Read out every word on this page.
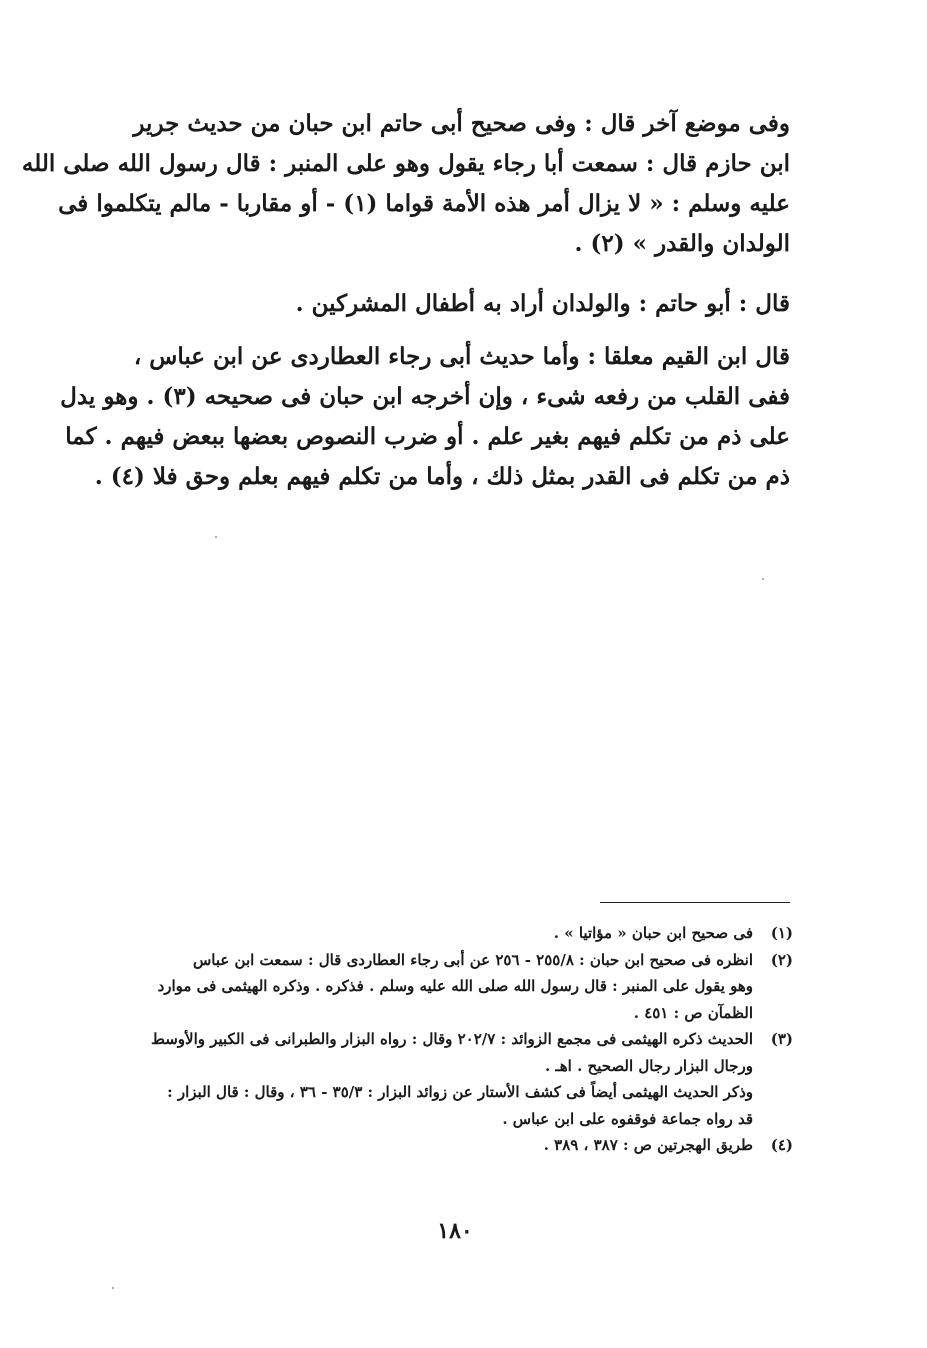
وفى موضع آخر قال : وفى صحيح أبى حاتم ابن حبان من حديث جرير
ابن حازم قال : سمعت أبا رجاء يقول وهو على المنبر : قال رسول الله صلى الله
عليه وسلم : « لا يزال أمر هذه الأمة قواما (١) - أو مقاربا - مالم يتكلموا فى
الولدان والقدر » (٢) .
قال : أبو حاتم : والولدان أراد به أطفال المشركين .
قال ابن القيم معلقا : وأما حديث أبى رجاء العطاردى عن ابن عباس ،
ففى القلب من رفعه شىء ، وإن أخرجه ابن حبان فى صحيحه (٣) . وهو يدل
على ذم من تكلم فيهم بغير علم . أو ضرب النصوص بعضها ببعض فيهم . كما
ذم من تكلم فى القدر بمثل ذلك ، وأما من تكلم فيهم بعلم وحق فلا (٤) .
(١)
فى صحيح ابن حبان « مؤاتيا » .
(٢)
انظره فى صحيح ابن حبان : ٢٥٥/٨ - ٢٥٦ عن أبى رجاء العطاردى قال : سمعت ابن عباس
وهو يقول على المنبر : قال رسول الله صلى الله عليه وسلم . فذكره . وذكره الهيثمى فى موارد
الظمآن ص : ٤٥١ .
(٣)
الحديث ذكره الهيثمى فى مجمع الزوائد : ٢٠٢/٧ وقال : رواه البزار والطبرانى فى الكبير والأوسط
ورجال البزار رجال الصحيح . اهـ .
وذكر الحديث الهيثمى أيضاً فى كشف الأستار عن زوائد البزار : ٣٥/٣ - ٣٦ ، وقال : قال البزار :
قد رواه جماعة فوقفوه على ابن عباس .
(٤)
طريق الهجرتين ص : ٣٨٧ ، ٣٨٩ .
١٨٠
